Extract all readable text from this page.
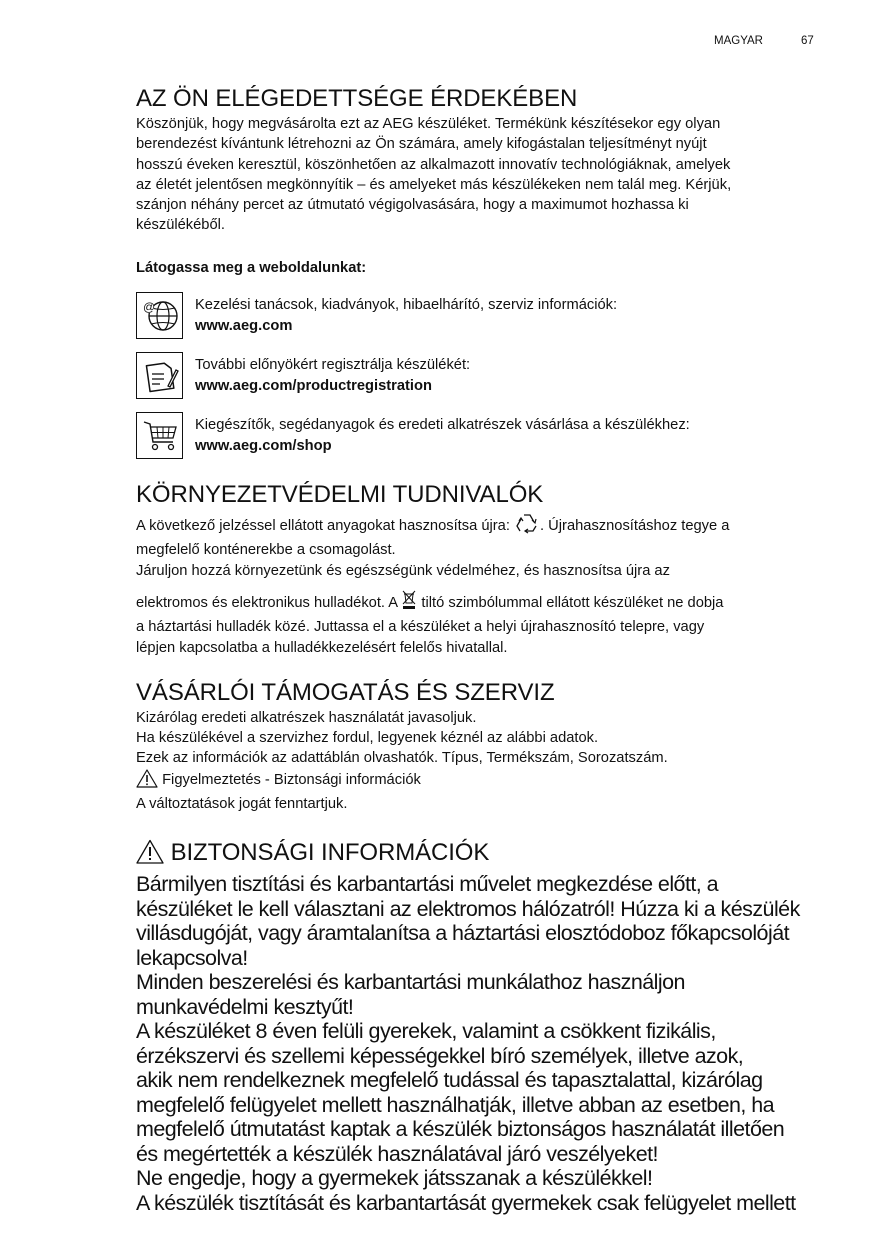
MAGYAR	67
AZ ÖN ELÉGEDETTSÉGE ÉRDEKÉBEN

Köszönjük, hogy megvásárolta ezt az AEG készüléket. Termékünk készítésekor egy olyan
berendezést kívántunk létrehozni az Ön számára, amely kifogástalan teljesítményt nyújt
hosszú éveken keresztül, köszönhetően az alkalmazott innovatív technológiáknak, amelyek
az életét jelentősen megkönnyítik – és amelyeket más készülékeken nem talál meg. Kérjük,
szánjon néhány percet az útmutató végigolvasására, hogy a maximumot hozhassa ki
készülékéből.

Látogassa meg a weboldalunkat:

@	Kezelési tanácsok, kiadványok, hibaelhárító, szerviz információk:
www.aeg.com
További előnyökért regisztrálja készülékét:
www.aeg.com/productregistration
Kiegészítők, segédanyagok és eredeti alkatrészek vásárlása a készülékhez:
www.aeg.com/shop
KÖRNYEZETVÉDELMI TUDNIVALÓK

A következő jelzéssel ellátott anyagokat hasznosítsa újra: . Újrahasznosításhoz tegye a
megfelelő konténerekbe a csomagolást.
Járuljon hozzá környezetünk és egészségünk védelméhez, és hasznosítsa újra az
elektromos és elektronikus hulladékot. A  tiltó szimbólummal ellátott készüléket ne dobja
a háztartási hulladék közé. Juttassa el a készüléket a helyi újrahasznosító telepre, vagy
lépjen kapcsolatba a hulladékkezelésért felelős hivatallal.

VÁSÁRLÓI TÁMOGATÁS ÉS SZERVIZ

Kizárólag eredeti alkatrészek használatát javasoljuk.
Ha készülékével a szervizhez fordul, legyenek kéznél az alábbi adatok.
Ezek az információk az adattáblán olvashatók. Típus, Termékszám, Sorozatszám.
Figyelmeztetés - Biztonsági információk
A változtatások jogát fenntartjuk.

BIZTONSÁGI INFORMÁCIÓK

Bármilyen tisztítási és karbantartási művelet megkezdése előtt, a
készüléket le kell választani az elektromos hálózatról! Húzza ki a készülék
villásdugóját, vagy áramtalanítsa a háztartási elosztódoboz főkapcsolóját
lekapcsolva!
Minden beszerelési és karbantartási munkálathoz használjon
munkavédelmi kesztyűt!
A készüléket 8 éven felüli gyerekek, valamint a csökkent fizikális,
érzékszervi és szellemi képességekkel bíró személyek, illetve azok,
akik nem rendelkeznek megfelelő tudással és tapasztalattal, kizárólag
megfelelő felügyelet mellett használhatják, illetve abban az esetben, ha
megfelelő útmutatást kaptak a készülék biztonságos használatát illetően
és megértették a készülék használatával járó veszélyeket!
Ne engedje, hogy a gyermekek játsszanak a készülékkel!
A készülék tisztítását és karbantartását gyermekek csak felügyelet mellett
